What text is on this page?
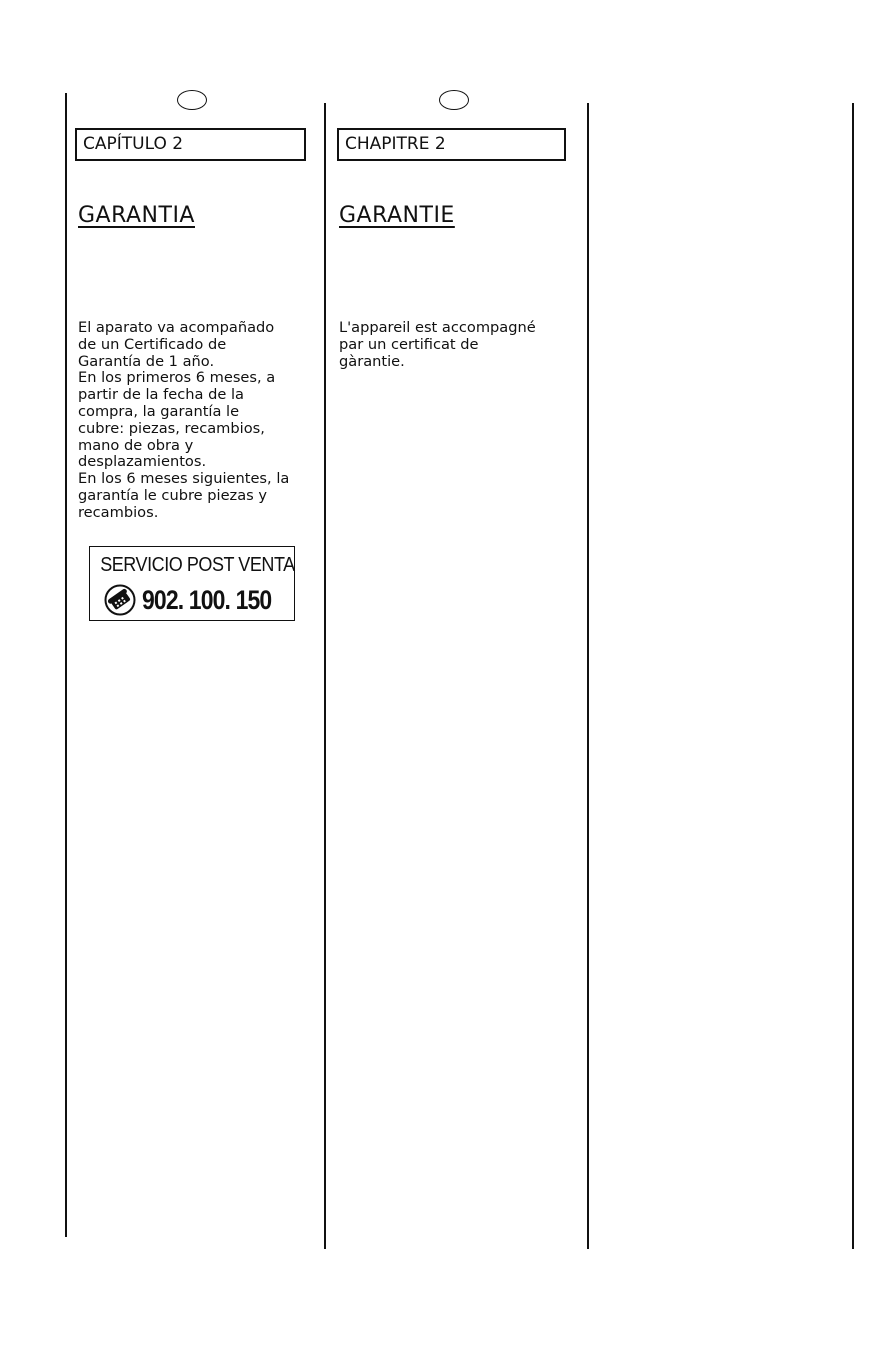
CAPÍTULO 2
GARANTIA

El aparato va acompañado

de un Certificado de

Garantía de 1 año.

En los primeros 6 meses, a

partir de la fecha de la

compra, la garantía le

cubre: piezas, recambios,

mano de obra y

desplazamientos.

En los 6 meses siguientes, la

garantía le cubre piezas y

recambios.

SERVICIO POST VENTA
902. 100. 150
CHAPITRE 2
GARANTIE

L'appareil est accompagné

par un certificat de

gàrantie.
